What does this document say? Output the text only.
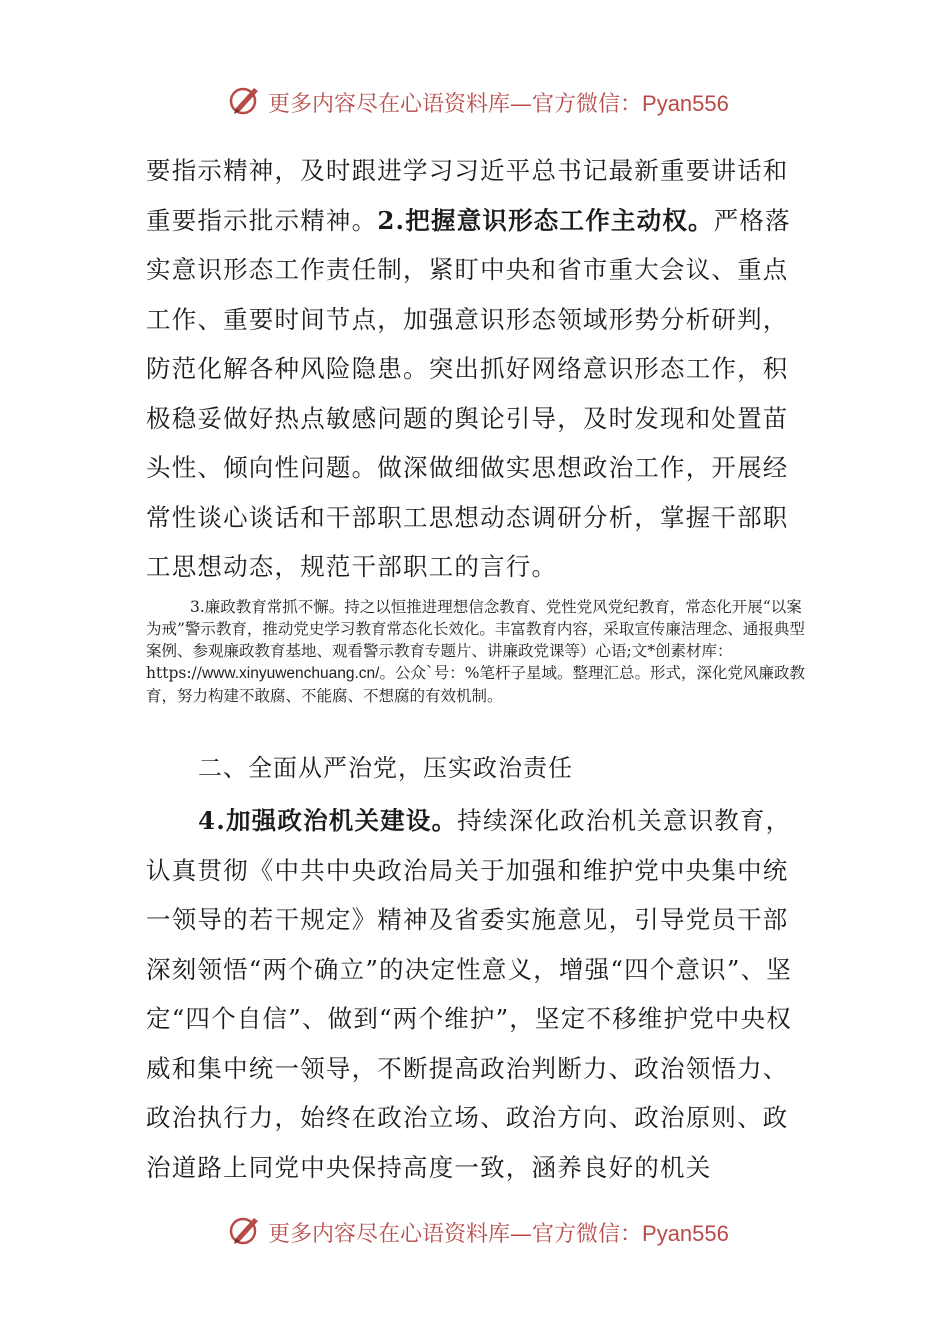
更多内容尽在心语资料库—官方微信：Pyan556

要指示精神，及时跟进学习习近平总书记最新重要讲话和重要指示批示精神。2.把握意识形态工作主动权。严格落实意识形态工作责任制，紧盯中央和省市重大会议、重点工作、重要时间节点，加强意识形态领域形势分析研判，防范化解各种风险隐患。突出抓好网络意识形态工作，积极稳妥做好热点敏感问题的舆论引导，及时发现和处置苗头性、倾向性问题。做深做细做实思想政治工作，开展经常性谈心谈话和干部职工思想动态调研分析，掌握干部职工思想动态，规范干部职工的言行。

3.廉政教育常抓不懈。持之以恒推进理想信念教育、党性党风党纪教育，常态化开展“以案为戒”警示教育，推动党史学习教育常态化长效化。丰富教育内容，采取宣传廉洁理念、通报典型案例、参观廉政教育基地、观看警示教育专题片、讲廉政党课等）心语;文*创素材库：https://www.xinyuwenchuang.cn/。公众`号：%笔杆子星域。整理汇总。形式，深化党风廉政教育，努力构建不敢腐、不能腐、不想腐的有效机制。

二、全面从严治党，压实政治责任

4.加强政治机关建设。持续深化政治机关意识教育，认真贯彻《中共中央政治局关于加强和维护党中央集中统一领导的若干规定》精神及省委实施意见，引导党员干部深刻领悟“两个确立”的决定性意义，增强“四个意识”、坚定“四个自信”、做到“两个维护”，坚定不移维护党中央权威和集中统一领导，不断提高政治判断力、政治领悟力、政治执行力，始终在政治立场、政治方向、政治原则、政治道路上同党中央保持高度一致，涵养良好的机关

更多内容尽在心语资料库—官方微信：Pyan556
